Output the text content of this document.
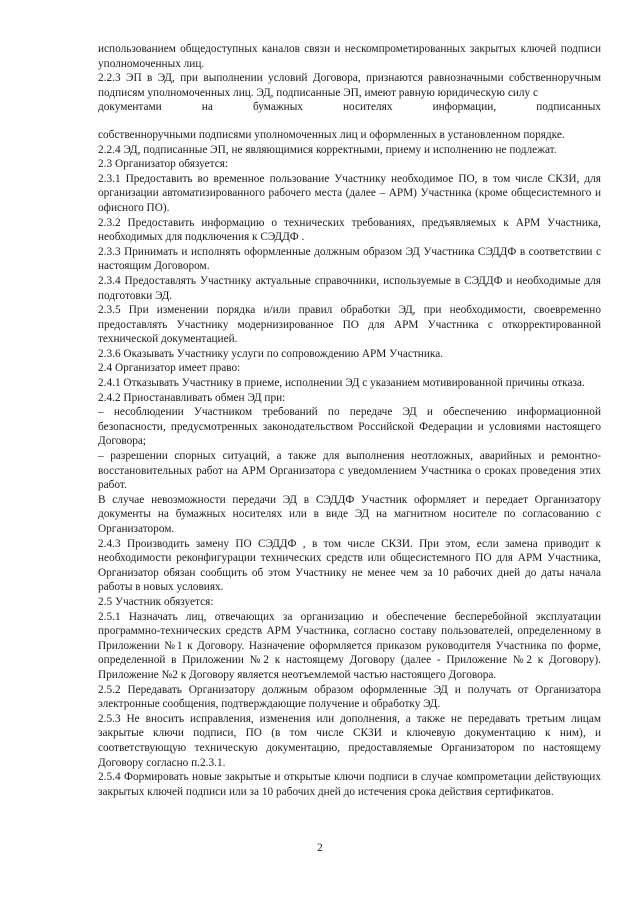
использованием общедоступных каналов связи и нескомпрометированных закрытых ключей подписи уполномоченных лиц.

2.2.3 ЭП в ЭД, при выполнении условий Договора, признаются равнозначными собственноручным подписям уполномоченных лиц. ЭД, подписанные ЭП, имеют равную юридическую силу с

документами	на	бумажных	носителях	информации,	подписанных

собственноручными подписями уполномоченных лиц и оформленных в установленном порядке.

2.2.4 ЭД, подписанные ЭП, не являющимися корректными, приему и исполнению не подлежат.

2.3 Организатор обязуется:

2.3.1 Предоставить во временное пользование Участнику необходимое ПО, в том числе СКЗИ, для организации автоматизированного рабочего места (далее – АРМ) Участника (кроме общесистемного и офисного ПО).

2.3.2 Предоставить информацию о технических требованиях, предъявляемых к АРМ Участника, необходимых для подключения к СЭДДФ .

2.3.3 Принимать и исполнять оформленные должным образом ЭД Участника СЭДДФ в соответствии с настоящим Договором.

2.3.4 Предоставлять Участнику актуальные справочники, используемые в СЭДДФ и необходимые для подготовки ЭД.

2.3.5 При изменении порядка и/или правил обработки ЭД, при необходимости, своевременно предоставлять Участнику модернизированное ПО для АРМ Участника с откорректированной технической документацией.

2.3.6 Оказывать Участнику услуги по сопровождению АРМ Участника.

2.4 Организатор имеет право:

2.4.1 Отказывать Участнику в приеме, исполнении ЭД с указанием мотивированной причины отказа.

2.4.2 Приостанавливать обмен ЭД при:

– несоблюдении Участником требований по передаче ЭД и обеспечению информационной безопасности, предусмотренных законодательством Российской Федерации и условиями настоящего Договора;

– разрешении спорных ситуаций, а также для выполнения неотложных, аварийных и ремонтно-восстановительных работ на АРМ Организатора с уведомлением Участника о сроках проведения этих работ.

В случае невозможности передачи ЭД в СЭДДФ Участник оформляет и передает Организатору документы на бумажных носителях или в виде ЭД на магнитном носителе по согласованию с Организатором.

2.4.3 Производить замену ПО СЭДДФ , в том числе СКЗИ. При этом, если замена приводит к необходимости реконфигурации технических средств или общесистемного ПО для АРМ Участника, Организатор обязан сообщить об этом Участнику не менее чем за 10 рабочих дней до даты начала работы в новых условиях.

2.5 Участник обязуется:

2.5.1 Назначать лиц, отвечающих за организацию и обеспечение бесперебойной эксплуатации программно-технических средств АРМ Участника, согласно составу пользователей, определенному в Приложении №1 к Договору. Назначение оформляется приказом руководителя Участника по форме, определенной в Приложении №2 к настоящему Договору (далее - Приложение №2 к Договору). Приложение №2 к Договору является неотъемлемой частью настоящего Договора.

2.5.2 Передавать Организатору должным образом оформленные ЭД и получать от Организатора электронные сообщения, подтверждающие получение и обработку ЭД.

2.5.3 Не вносить исправления, изменения или дополнения, а также не передавать третьим лицам закрытые ключи подписи, ПО (в том числе СКЗИ и ключевую документацию к ним), и соответствующую техническую документацию, предоставляемые Организатором по настоящему Договору согласно п.2.3.1.

2.5.4 Формировать новые закрытые и открытые ключи подписи в случае компрометации действующих закрытых ключей подписи или за 10 рабочих дней до истечения срока действия сертификатов.

2
